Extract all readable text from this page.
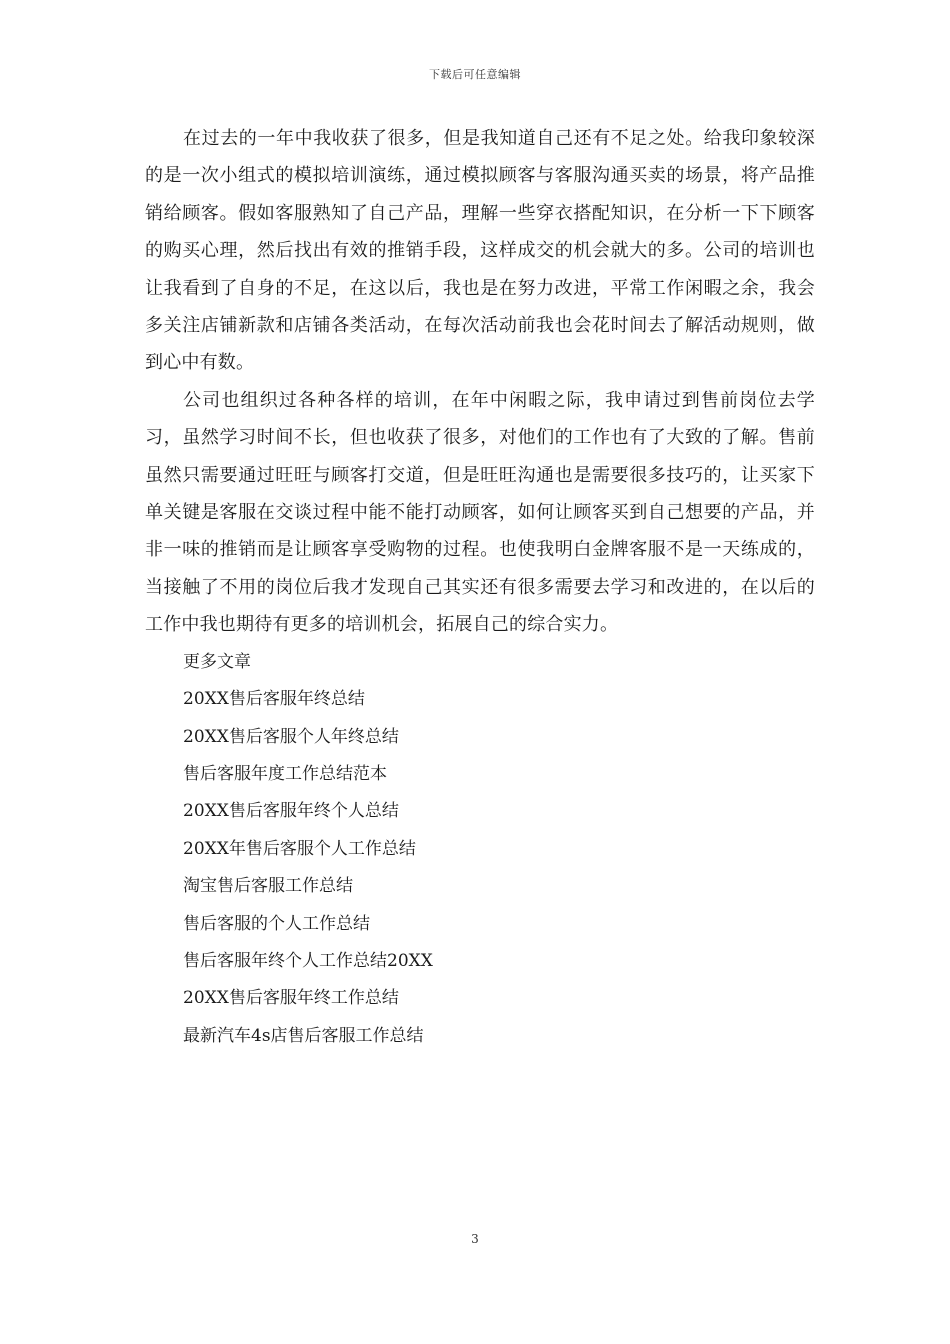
下载后可任意编辑

在过去的一年中我收获了很多，但是我知道自己还有不足之处。给我印象较深的是一次小组式的模拟培训演练，通过模拟顾客与客服沟通买卖的场景，将产品推销给顾客。假如客服熟知了自己产品，理解一些穿衣搭配知识，在分析一下下顾客的购买心理，然后找出有效的推销手段，这样成交的机会就大的多。公司的培训也让我看到了自身的不足，在这以后，我也是在努力改进，平常工作闲暇之余，我会多关注店铺新款和店铺各类活动，在每次活动前我也会花时间去了解活动规则，做到心中有数。

公司也组织过各种各样的培训，在年中闲暇之际，我申请过到售前岗位去学习，虽然学习时间不长，但也收获了很多，对他们的工作也有了大致的了解。售前虽然只需要通过旺旺与顾客打交道，但是旺旺沟通也是需要很多技巧的，让买家下单关键是客服在交谈过程中能不能打动顾客，如何让顾客买到自己想要的产品，并非一味的推销而是让顾客享受购物的过程。也使我明白金牌客服不是一天练成的，当接触了不用的岗位后我才发现自己其实还有很多需要去学习和改进的，在以后的工作中我也期待有更多的培训机会，拓展自己的综合实力。

更多文章

20XX售后客服年终总结
20XX售后客服个人年终总结
售后客服年度工作总结范本
20XX售后客服年终个人总结
20XX年售后客服个人工作总结
淘宝售后客服工作总结
售后客服的个人工作总结
售后客服年终个人工作总结20XX
20XX售后客服年终工作总结
最新汽车4s店售后客服工作总结
3
